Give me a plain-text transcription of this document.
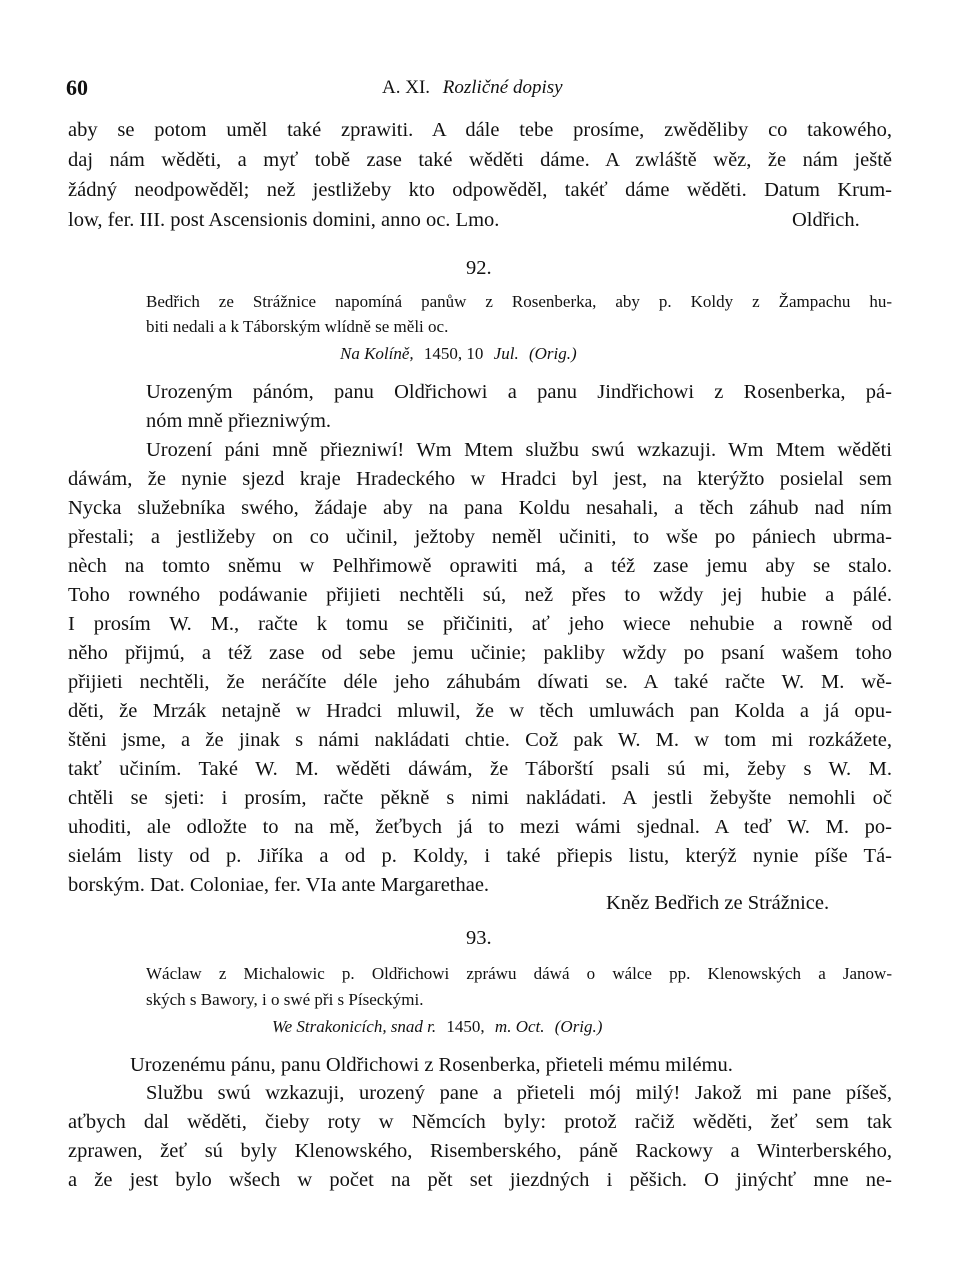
60	A. XI. Rozličné dopisy
aby se potom uměl také zprawiti. A dále tebe prosíme, zwěděliby co takowého,
daj nám wěděti, a myť tobě zase také wěděti dáme. A zwláště wěz, že nám ještě
žádný neodpowěděl; než jestližeby kto odpowěděl, takéť dáme wěděti. Datum Krum-
low, fer. III. post Ascensionis domini, anno oc. Lmo.	Oldřich.
92.
Bedřich ze Strážnice napomíná panůw z Rosenberka, aby p. Koldy z Žampachu hu-
biti nedali a k Táborským wlídně se měli oc.
Na Kolíně, 1450, 10 Jul. (Orig.)
Urozeným pánóm, panu Oldřichowi a panu Jindřichowi z Rosenberka, pá-
nóm mně přiezniwým.
Urození páni mně přiezniwí! Wm Mtem službu swú wzkazuji. Wm Mtem wěděti
dáwám, že nynie sjezd kraje Hradeckého w Hradci byl jest, na kterýžto posielal sem
Nycka služebníka swého, žádaje aby na pana Koldu nesahali, a těch záhub nad ním
přestali; a jestližeby on co učinil, ježtoby neměl učiniti, to wše po pániech ubrma-
nèch na tomto sněmu w Pelhřimowě oprawiti má, a též zase jemu aby se stalo.
Toho rowného podáwanie přijieti nechtěli sú, než přes to wždy jej hubie a pálé.
I prosím W. M., račte k tomu se přičiniti, ať jeho wiece nehubie a rowně od
něho přijmú, a též zase od sebe jemu učinie; pakliby wždy po psaní wašem toho
přijieti nechtěli, že neráčíte déle jeho záhubám díwati se. A také račte W. M. wě-
děti, že Mrzák netajně w Hradci mluwil, že w těch umluwách pan Kolda a já opu-
štěni jsme, a že jinak s námi nakládati chtie. Což pak W. M. w tom mi rozkážete,
takť učiním. Také W. M. wěděti dáwám, že Táborští psali sú mi, žeby s W. M.
chtěli se sjeti: i prosím, račte pěkně s nimi nakládati. A jestli žebyšte nemohli oč
uhoditi, ale odložte to na mě, žeťbych já to mezi wámi sjednal. A teď W. M. po-
sielám listy od p. Jiříka a od p. Koldy, i také přiepis listu, kterýž nynie píše Tá-
borským. Dat. Coloniae, fer. VIa ante Margarethae.
Kněz Bedřich ze Strážnice.
93.
Wáclaw z Michalowic p. Oldřichowi zpráwu dáwá o wálce pp. Klenowských a Janow-
ských s Bawory, i o swé při s Píseckými.
We Strakonicích, snad r. 1450, m. Oct. (Orig.)
Urozenému pánu, panu Oldřichowi z Rosenberka, přieteli mému milému.
Službu swú wzkazuji, urozený pane a přieteli mój milý! Jakož mi pane píšeš,
aťbych dal wěděti, čieby roty w Němcích byly: protož račiž wěděti, žeť sem tak
zprawen, žeť sú byly Klenowského, Risemberského, páně Rackowy a Winterberského,
a že jest bylo wšech w počet na pět set jiezdných i pěšich. O jinýchť mne ne-
